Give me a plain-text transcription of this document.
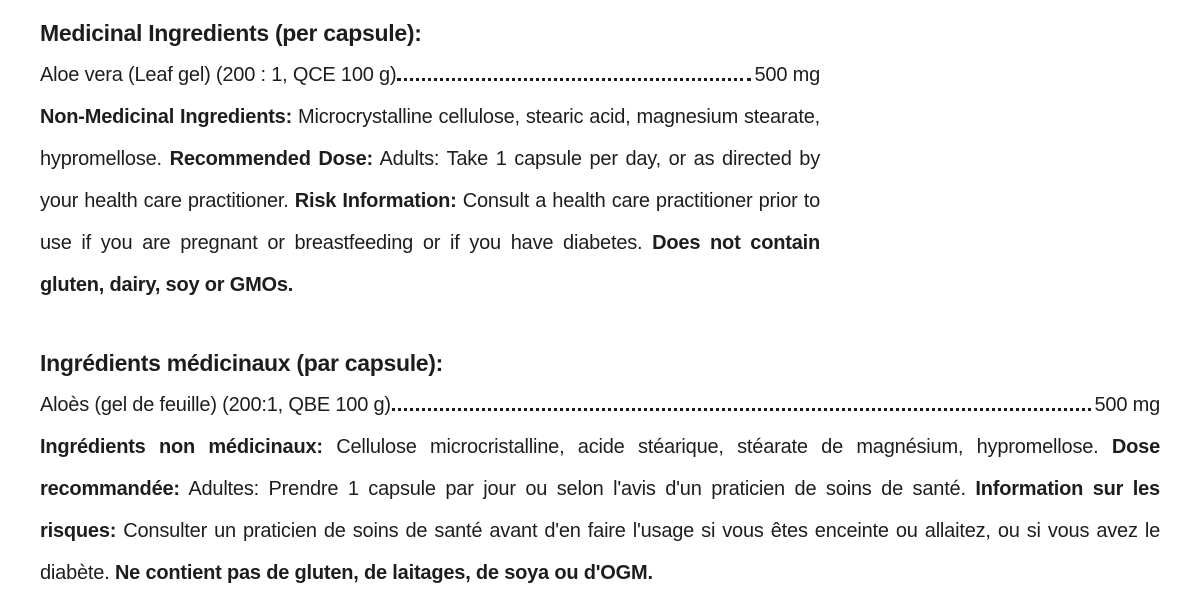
Medicinal Ingredients (per capsule):
Aloe vera (Leaf gel) (200 : 1, QCE 100 g)	500 mg
Non-Medicinal Ingredients: Microcrystalline cellulose, stearic acid, magnesium stearate, hypromellose. Recommended Dose: Adults: Take 1 capsule per day, or as directed by your health care practitioner. Risk Information: Consult a health care practitioner prior to use if you are pregnant or breastfeeding or if you have diabetes. Does not contain gluten, dairy, soy or GMOs.
Ingrédients médicinaux (par capsule):
Aloès (gel de feuille) (200:1, QBE 100 g)	500 mg
Ingrédients non médicinaux: Cellulose microcristalline, acide stéarique, stéarate de magnésium, hypromellose. Dose recommandée: Adultes: Prendre 1 capsule par jour ou selon l'avis d'un praticien de soins de santé. Information sur les risques: Consulter un praticien de soins de santé avant d'en faire l'usage si vous êtes enceinte ou allaitez, ou si vous avez le diabète. Ne contient pas de gluten, de laitages, de soya ou d'OGM.
